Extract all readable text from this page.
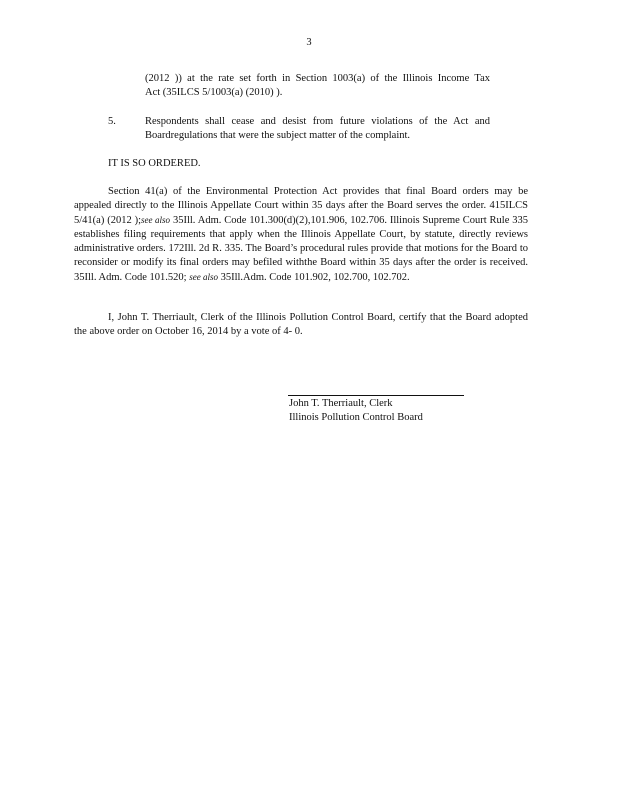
3
(2012 )) at the rate set forth in Section 1003(a) of the Illinois Income Tax
Act (35ILCS 5/1003(a) (2010) ).
5.	Respondents shall cease and desist from future violations of the Act and Boardregulations that were the subject matter of the complaint.
IT IS SO ORDERED.
Section 41(a) of the Environmental Protection Act provides that final Board orders may be appealed directly to the Illinois Appellate Court within 35 days after the Board serves the order. 415ILCS 5/41(a) (2012 );see also 35Ill. Adm. Code 101.300(d)(2),101.906, 102.706. Illinois Supreme Court Rule 335 establishes filing requirements that apply when the Illinois Appellate Court, by statute, directly reviews administrative orders. 172Ill. 2d R. 335. The Board’s procedural rules provide that motions for the Board to reconsider or modify its final orders may befiled withthe Board within 35 days after the order is received. 35Ill. Adm. Code 101.520; see also 35Ill.Adm. Code 101.902, 102.700, 102.702.
I, John T. Therriault, Clerk of the Illinois Pollution Control Board, certify that the Board adopted the above order on October 16, 2014 by a vote of 4- 0.
John T. Therriault, Clerk
Illinois Pollution Control Board
